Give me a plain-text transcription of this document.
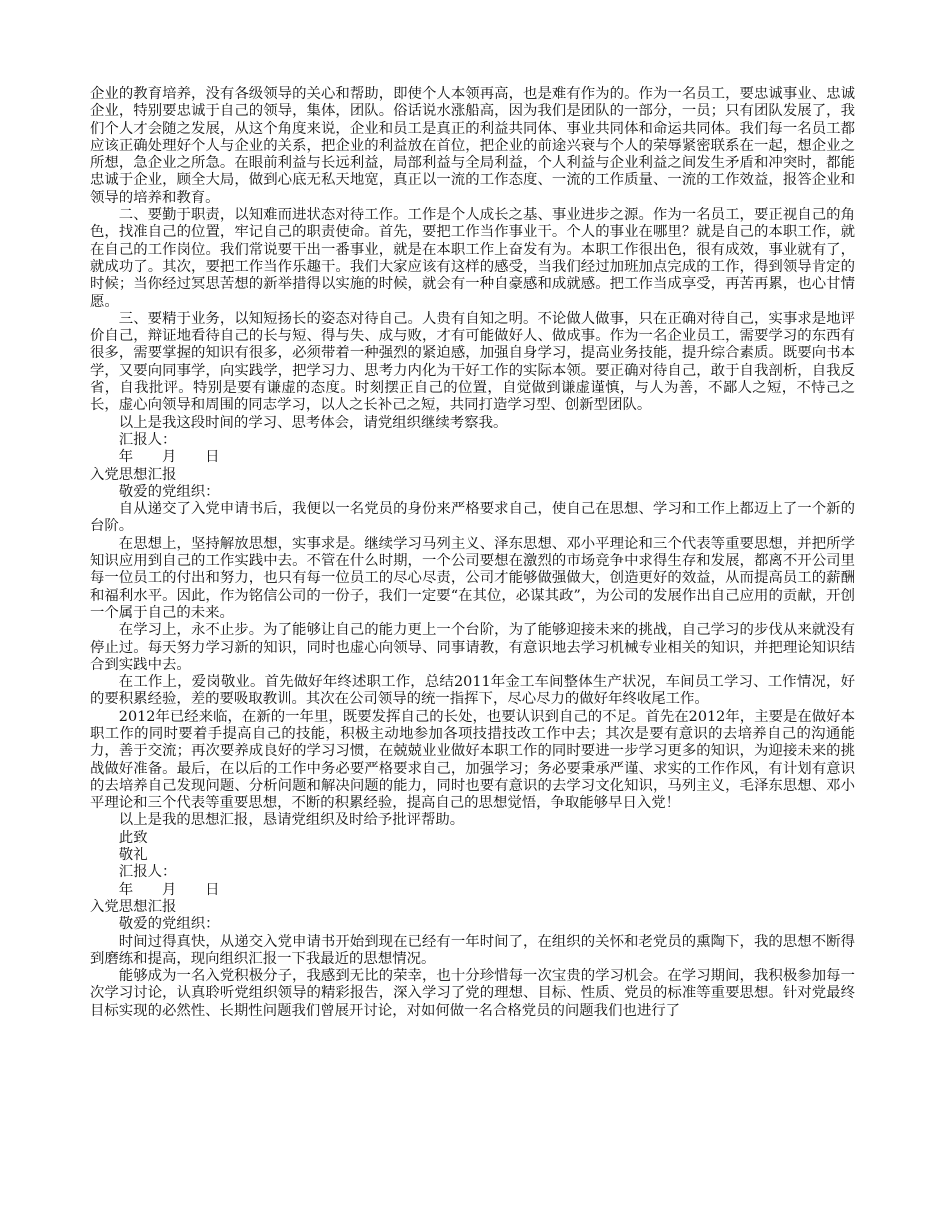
企业的教育培养，没有各级领导的关心和帮助，即使个人本领再高，也是难有作为的。作为一名员工，要忠诚事业、忠诚企业，特别要忠诚于自己的领导，集体，团队。俗话说水涨船高，因为我们是团队的一部分，一员；只有团队发展了，我们个人才会随之发展，从这个角度来说，企业和员工是真正的利益共同体、事业共同体和命运共同体。我们每一名员工都应该正确处理好个人与企业的关系，把企业的利益放在首位，把企业的前途兴衰与个人的荣辱紧密联系在一起，想企业之所想，急企业之所急。在眼前利益与长远利益，局部利益与全局利益，个人利益与企业利益之间发生矛盾和冲突时，都能忠诚于企业，顾全大局，做到心底无私天地宽，真正以一流的工作态度、一流的工作质量、一流的工作效益，报答企业和领导的培养和教育。

二、要勤于职责，以知难而进状态对待工作。工作是个人成长之基、事业进步之源。作为一名员工，要正视自己的角色，找准自己的位置，牢记自己的职责使命。首先，要把工作当作事业干。个人的事业在哪里？就是自己的本职工作，就在自己的工作岗位。我们常说要干出一番事业，就是在本职工作上奋发有为。本职工作很出色，很有成效，事业就有了，就成功了。其次，要把工作当作乐趣干。我们大家应该有这样的感受，当我们经过加班加点完成的工作，得到领导肯定的时候；当你经过冥思苦想的新举措得以实施的时候，就会有一种自豪感和成就感。把工作当成享受，再苦再累，也心甘情愿。

三、要精于业务，以知短扬长的姿态对待自己。人贵有自知之明。不论做人做事，只在正确对待自己，实事求是地评价自己，辩证地看待自己的长与短、得与失、成与败，才有可能做好人、做成事。作为一名企业员工，需要学习的东西有很多，需要掌握的知识有很多，必须带着一种强烈的紧迫感，加强自身学习，提高业务技能，提升综合素质。既要向书本学，又要向同事学，向实践学，把学习力、思考力内化为干好工作的实际本领。要正确对待自己，敢于自我剖析，自我反省，自我批评。特别是要有谦虚的态度。时刻摆正自己的位置，自觉做到谦虚谨慎，与人为善，不鄙人之短，不恃己之长，虚心向领导和周围的同志学习，以人之长补己之短，共同打造学习型、创新型团队。

以上是我这段时间的学习、思考体会，请党组织继续考察我。

汇报人：

年　　月　　日

入党思想汇报

敬爱的党组织：

自从递交了入党申请书后，我便以一名党员的身份来严格要求自己，使自己在思想、学习和工作上都迈上了一个新的台阶。

在思想上，坚持解放思想，实事求是。继续学习马列主义、泽东思想、邓小平理论和三个代表等重要思想，并把所学知识应用到自己的工作实践中去。不管在什么时期，一个公司要想在激烈的市场竞争中求得生存和发展，都离不开公司里每一位员工的付出和努力，也只有每一位员工的尽心尽责，公司才能够做强做大，创造更好的效益，从而提高员工的薪酬和福利水平。因此，作为铭信公司的一份子，我们一定要“在其位，必谋其政”，为公司的发展作出自己应用的贡献，开创一个属于自己的未来。

在学习上，永不止步。为了能够让自己的能力更上一个台阶，为了能够迎接未来的挑战，自己学习的步伐从来就没有停止过。每天努力学习新的知识，同时也虚心向领导、同事请教，有意识地去学习机械专业相关的知识，并把理论知识结合到实践中去。

在工作上，爱岗敬业。首先做好年终述职工作，总结2011年金工车间整体生产状况，车间员工学习、工作情况，好的要积累经验，差的要吸取教训。其次在公司领导的统一指挥下，尽心尽力的做好年终收尾工作。

2012年已经来临，在新的一年里，既要发挥自己的长处，也要认识到自己的不足。首先在2012年，主要是在做好本职工作的同时要着手提高自己的技能，积极主动地参加各项技措技改工作中去；其次是要有意识的去培养自己的沟通能力，善于交流；再次要养成良好的学习习惯，在兢兢业业做好本职工作的同时要进一步学习更多的知识，为迎接未来的挑战做好准备。最后，在以后的工作中务必要严格要求自己，加强学习；务必要秉承严谨、求实的工作作风，有计划有意识的去培养自己发现问题、分析问题和解决问题的能力，同时也要有意识的去学习文化知识，马列主义，毛泽东思想、邓小平理论和三个代表等重要思想，不断的积累经验，提高自己的思想觉悟，争取能够早日入党！

以上是我的思想汇报，恳请党组织及时给予批评帮助。

此致

敬礼

汇报人：

年　　月　　日

入党思想汇报

敬爱的党组织：

时间过得真快，从递交入党申请书开始到现在已经有一年时间了，在组织的关怀和老党员的熏陶下，我的思想不断得到磨练和提高，现向组织汇报一下我最近的思想情况。

能够成为一名入党积极分子，我感到无比的荣幸，也十分珍惜每一次宝贵的学习机会。在学习期间，我积极参加每一次学习讨论，认真聆听党组织领导的精彩报告，深入学习了党的理想、目标、性质、党员的标准等重要思想。针对党最终目标实现的必然性、长期性问题我们曾展开讨论，对如何做一名合格党员的问题我们也进行了
